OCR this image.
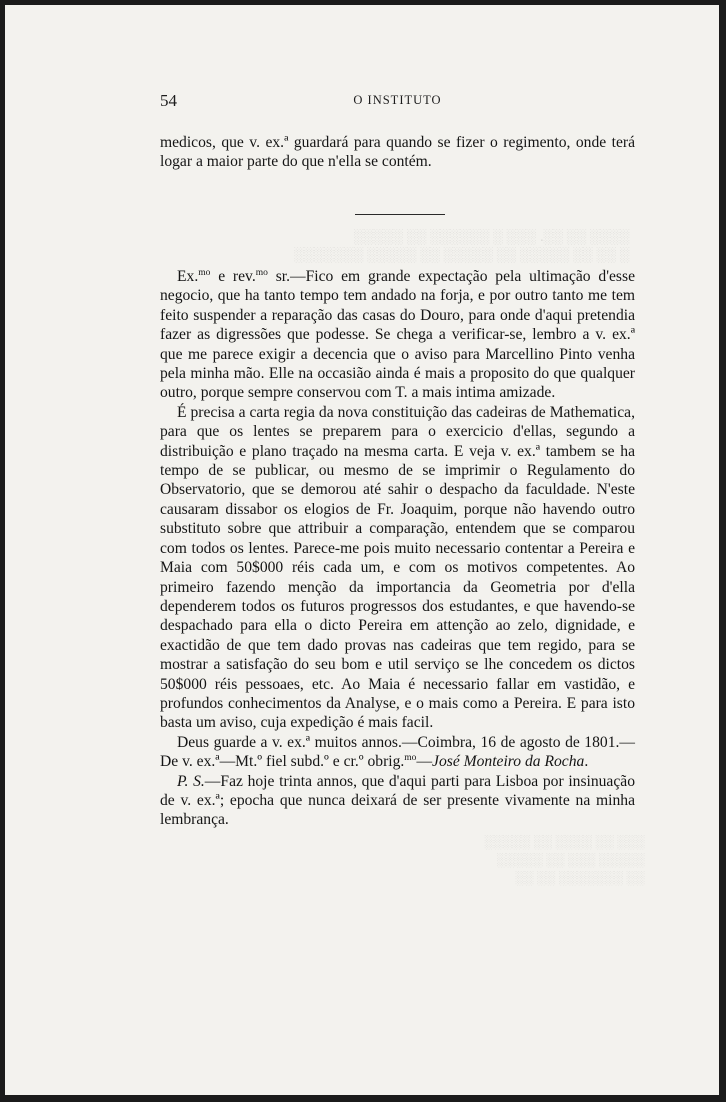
░░░░ ░░ ░░. ░░░ ░ ░░░░░░ ░░ ░░░░░
░ ░░ ░░ ░░░░░ ░░ ░░░░░ ░░ ░░░░░ ░░░░░░░
54	O INSTITUTO

medicos, que v. ex.ª guardará para quando se fizer o regimento, onde terá logar a maior parte do que n'ella se contém.

Ex.$^{mo}$ e rev.$^{mo}$ sr.—Fico em grande expectação pela ultimação d'esse negocio, que ha tanto tempo tem andado na forja, e por outro tanto me tem feito suspender a reparação das casas do Douro, para onde d'aqui pretendia fazer as digressões que podesse. Se chega a verificar-se, lembro a v. ex.ª que me parece exigir a decencia que o aviso para Marcellino Pinto venha pela minha mão. Elle na occasião ainda é mais a proposito do que qualquer outro, porque sempre conservou com T. a mais intima amizade.

É precisa a carta regia da nova constituição das cadeiras de Mathematica, para que os lentes se preparem para o exercicio d'ellas, segundo a distribuição e plano traçado na mesma carta. E veja v. ex.ª tambem se ha tempo de se publicar, ou mesmo de se imprimir o Regulamento do Observatorio, que se demorou até sahir o despacho da faculdade. N'este causaram dissabor os elogios de Fr. Joaquim, porque não havendo outro substituto sobre que attribuir a comparação, entendem que se comparou com todos os lentes. Parece-me pois muito necessario contentar a Pereira e Maia com 50$000 réis cada um, e com os motivos competentes. Ao primeiro fazendo menção da importancia da Geometria por d'ella dependerem todos os futuros progressos dos estudantes, e que havendo-se despachado para ella o dicto Pereira em attenção ao zelo, dignidade, e exactidão de que tem dado provas nas cadeiras que tem regido, para se mostrar a satisfação do seu bom e util serviço se lhe concedem os dictos 50$000 réis pessoaes, etc. Ao Maia é necessario fallar em vastidão, e profundos conhecimentos da Analyse, e o mais como a Pereira. E para isto basta um aviso, cuja expedição é mais facil.

Deus guarde a v. ex.ª muitos annos.—Coimbra, 16 de agosto de 1801.—De v. ex.ª—Mt.º fiel subd.º e cr.º obrig.$^{mo}$—José Monteiro da Rocha.

P. S.—Faz hoje trinta annos, que d'aqui parti para Lisboa por insinuação de v. ex.ª; epocha que nunca deixará de ser presente vivamente na minha lembrança.

░░░ ░░ ░░░░ ░░ ░░░░░
░░░░░ ░░░ ░░ ░░░░░
░░ ░░░░░░░ ░░ ░░
